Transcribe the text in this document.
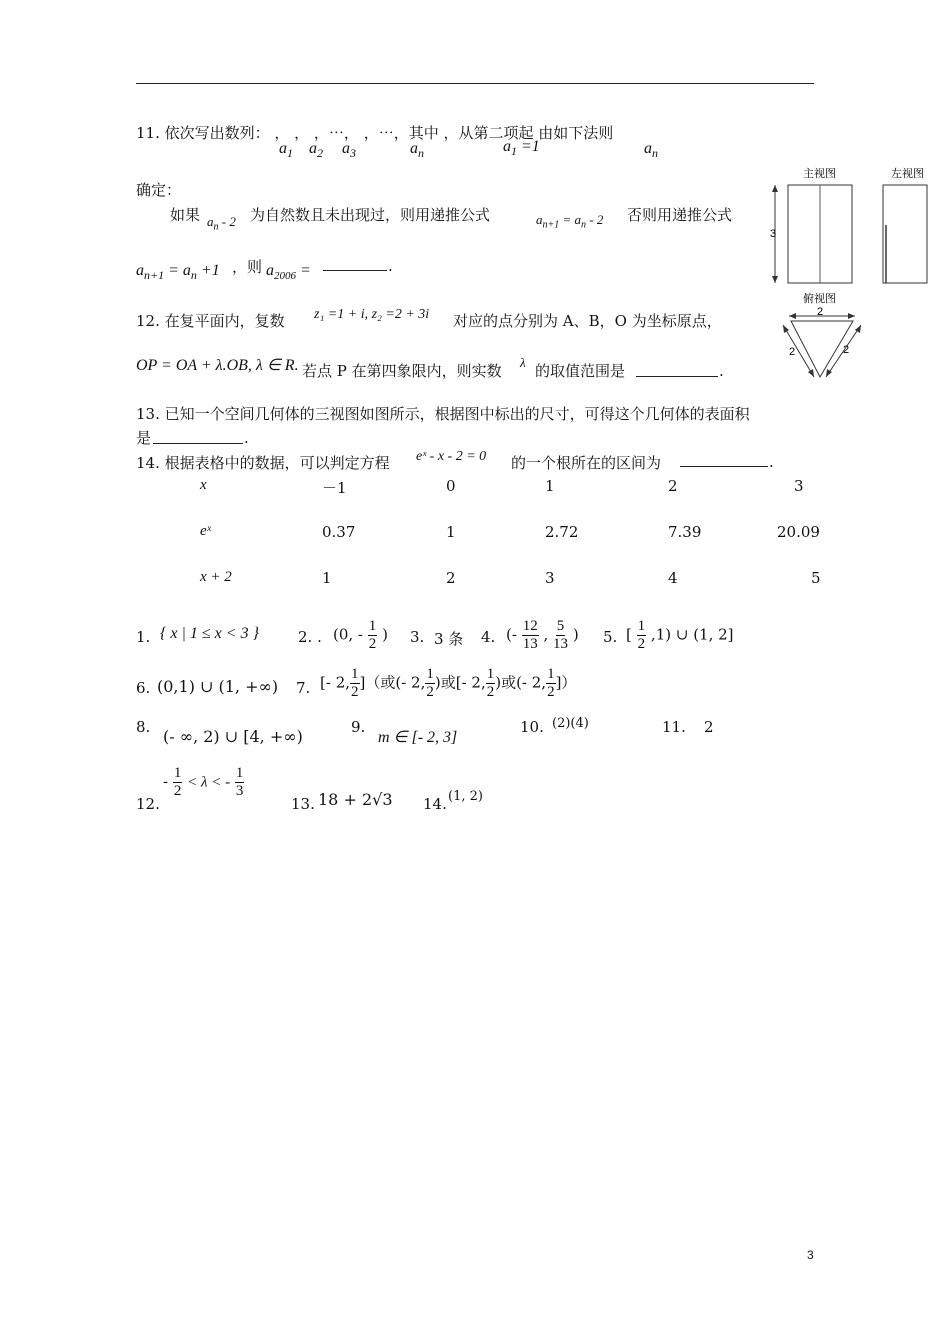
11. 依次写出数列： ， ， ，⋯， ，⋯，其中 ，从第二项起 由如下法则
$a_1$ $a_2$ $a_3$	$a_n$	$a_1 =1$	$a_n$
确定：
如果 $a_n - 2$ 为自然数且未出现过，则用递推公式	$a_{n+1} = a_n - 2$ 否则用递推公式
$a_{n+1} = a_n +1$ ，则 $a_{2006}$ =	.
12. 在复平面内，复数 z₁ =1 + i, z₂ =2 + 3i 对应的点分别为 A、B，O 为坐标原点，
OP = OA + λ.OB, λ ∈ R. 若点 P 在第四象限内，则实数 λ 的取值范围是	.
主视图	左视图
3
俯视图
2
2	2
13. 已知一个空间几何体的三视图如图所示，根据图中标出的尺寸，可得这个几何体的表面积
是	.
14. 根据表格中的数据，可以判定方程 eˣ - x - 2 = 0 的一个根所在的区间为	.
x	－1	0	1	2	3
eˣ	0.37	1	2.72	7.39	20.09
x + 2	1	2	3	4	5
1. { x | 1 ≤ x < 3 }	2. . (0, - $\frac{1}{2}$ ) 3. 3 条 4. (- $\frac{12}{13}$ , $\frac{5}{13}$ ) 5. [ $\frac{1}{2} ,1$) ∪ (1, 2]
6. (0,1) ∪ (1, +∞) 7. [- 2, $\frac{1}{2}$ ]（或(- 2, $\frac{1}{2}$ )或[- 2, $\frac{1}{2}$ )或(- 2, $\frac{1}{2}$ ]）
8. (- ∞, 2) ∪ [4, +∞)	9.
m ∈ [- 2, 3]
10. (2)(4)	11. 2
12.
- $\frac{1}{2} < \lambda$ < - $\frac{1}{3}$
13. 18 + 2√3 14. (1, 2)
3
